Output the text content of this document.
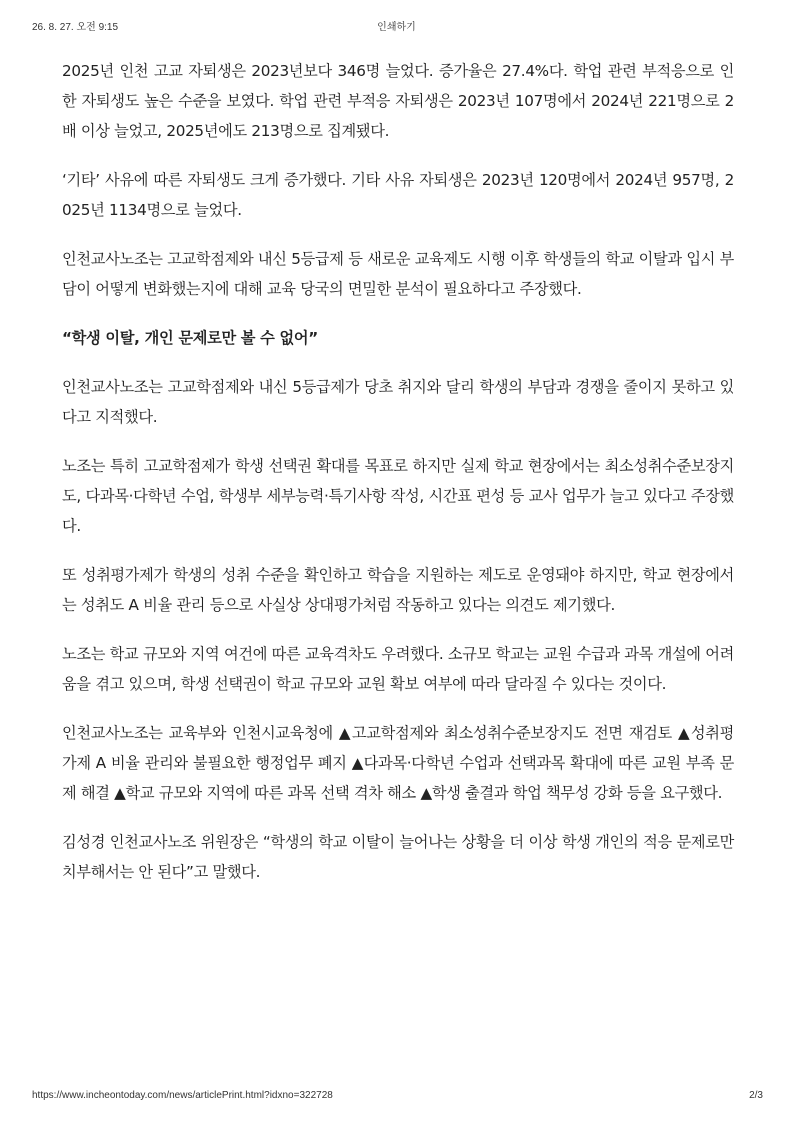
26. 8. 27. 오전 9:15	인쇄하기

2025년 인천 고교 자퇴생은 2023년보다 346명 늘었다. 증가율은 27.4%다. 학업 관련 부적응으로 인한 자퇴생도 높은 수준을 보였다. 학업 관련 부적응 자퇴생은 2023년 107명에서 2024년 221명으로 2배 이상 늘었고, 2025년에도 213명으로 집계됐다.

‘기타’ 사유에 따른 자퇴생도 크게 증가했다. 기타 사유 자퇴생은 2023년 120명에서 2024년 957명, 2025년 1134명으로 늘었다.

인천교사노조는 고교학점제와 내신 5등급제 등 새로운 교육제도 시행 이후 학생들의 학교 이탈과 입시 부담이 어떻게 변화했는지에 대해 교육 당국의 면밀한 분석이 필요하다고 주장했다.

“학생 이탈, 개인 문제로만 볼 수 없어”

인천교사노조는 고교학점제와 내신 5등급제가 당초 취지와 달리 학생의 부담과 경쟁을 줄이지 못하고 있다고 지적했다.

노조는 특히 고교학점제가 학생 선택권 확대를 목표로 하지만 실제 학교 현장에서는 최소성취수준보장지도, 다과목·다학년 수업, 학생부 세부능력·특기사항 작성, 시간표 편성 등 교사 업무가 늘고 있다고 주장했다.

또 성취평가제가 학생의 성취 수준을 확인하고 학습을 지원하는 제도로 운영돼야 하지만, 학교 현장에서는 성취도 A 비율 관리 등으로 사실상 상대평가처럼 작동하고 있다는 의견도 제기했다.

노조는 학교 규모와 지역 여건에 따른 교육격차도 우려했다. 소규모 학교는 교원 수급과 과목 개설에 어려움을 겪고 있으며, 학생 선택권이 학교 규모와 교원 확보 여부에 따라 달라질 수 있다는 것이다.

인천교사노조는 교육부와 인천시교육청에 ▲고교학점제와 최소성취수준보장지도 전면 재검토 ▲성취평가제 A 비율 관리와 불필요한 행정업무 폐지 ▲다과목·다학년 수업과 선택과목 확대에 따른 교원 부족 문제 해결 ▲학교 규모와 지역에 따른 과목 선택 격차 해소 ▲학생 출결과 학업 책무성 강화 등을 요구했다.

김성경 인천교사노조 위원장은 “학생의 학교 이탈이 늘어나는 상황을 더 이상 학생 개인의 적응 문제로만 치부해서는 안 된다”고 말했다.

https://www.incheontoday.com/news/articlePrint.html?idxno=322728	2/3
